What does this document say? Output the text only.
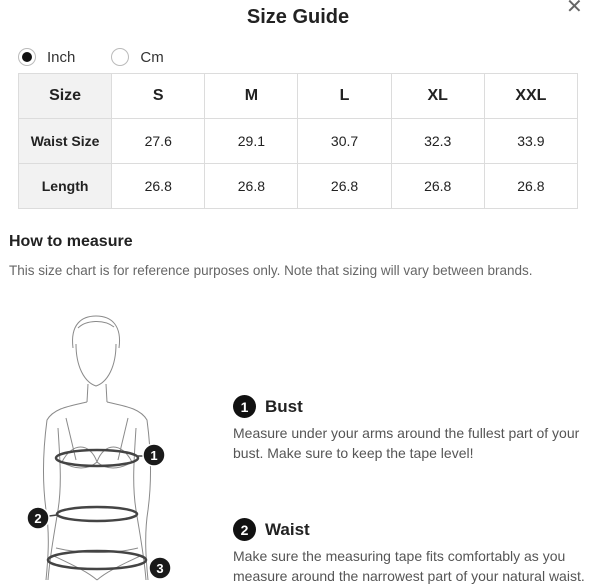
Size Guide	✕
Inch	Cm
Size	S	M	L	XL	XXL
Waist Size	27.6	29.1	30.7	32.3	33.9
Length	26.8	26.8	26.8	26.8	26.8
How to measure
This size chart is for reference purposes only. Note that sizing will vary between brands.
1
2
3
1 Bust
Measure under your arms around the fullest part of your bust. Make sure to keep the tape level!
2 Waist
Make sure the measuring tape fits comfortably as you measure around the narrowest part of your natural waist.
